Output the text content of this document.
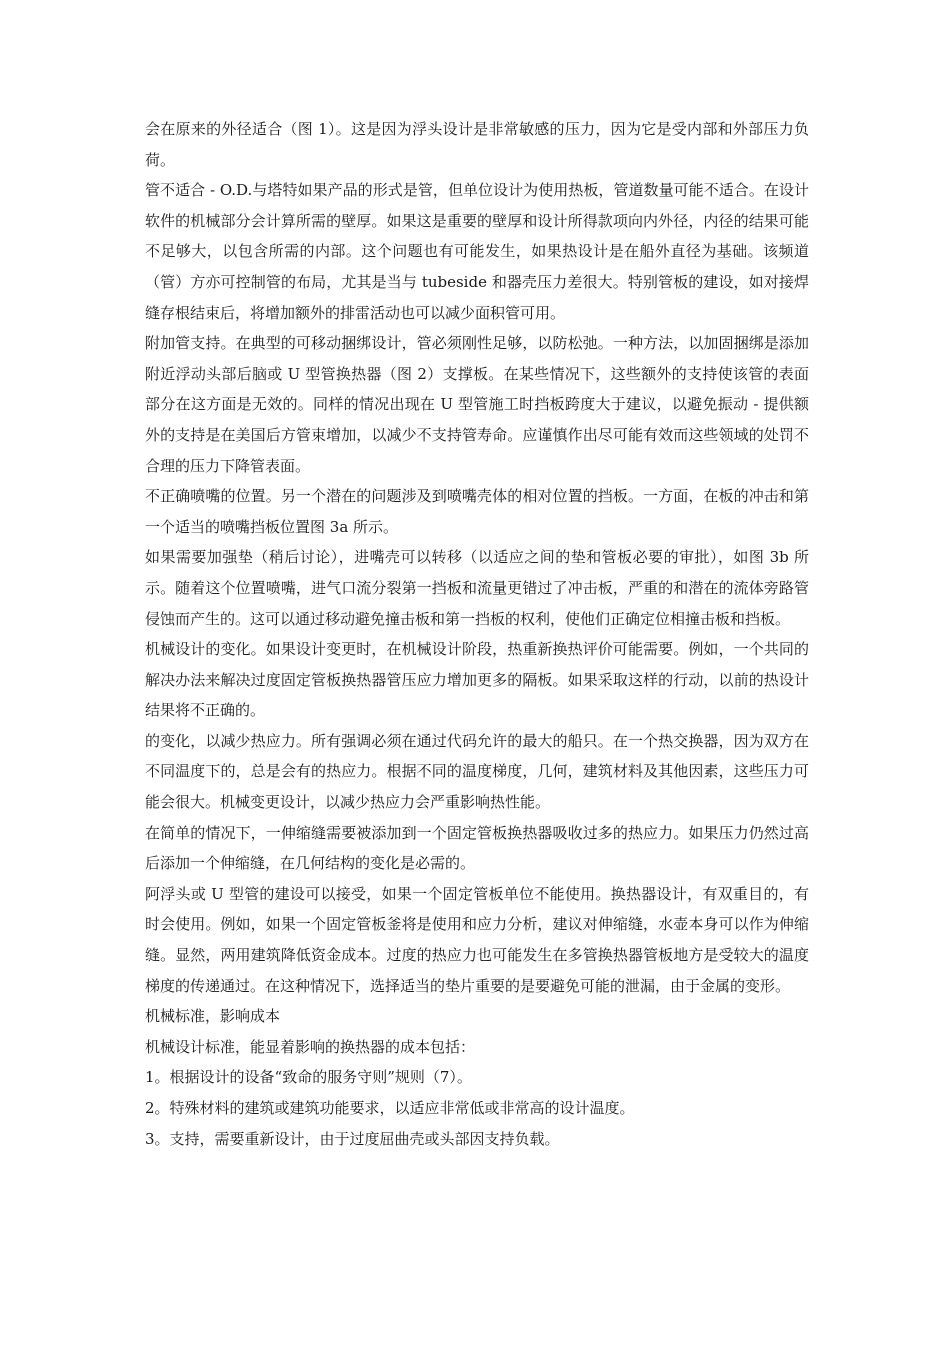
会在原来的外径适合（图 1）。这是因为浮头设计是非常敏感的压力，因为它是受内部和外部压力负荷。

管不适合 - O.D.与塔特如果产品的形式是管，但单位设计为使用热板，管道数量可能不适合。在设计软件的机械部分会计算所需的壁厚。如果这是重要的壁厚和设计所得款项向内外径，内径的结果可能不足够大，以包含所需的内部。这个问题也有可能发生，如果热设计是在船外直径为基础。该频道（管）方亦可控制管的布局，尤其是当与 tubeside 和器壳压力差很大。特别管板的建设，如对接焊缝存根结束后，将增加额外的排雷活动也可以减少面积管可用。

附加管支持。在典型的可移动捆绑设计，管必须刚性足够，以防松弛。一种方法，以加固捆绑是添加附近浮动头部后脑或 U 型管换热器（图 2）支撑板。在某些情况下，这些额外的支持使该管的表面部分在这方面是无效的。同样的情况出现在 U 型管施工时挡板跨度大于建议，以避免振动 - 提供额外的支持是在美国后方管束增加，以减少不支持管寿命。应谨慎作出尽可能有效而这些领域的处罚不合理的压力下降管表面。

不正确喷嘴的位置。另一个潜在的问题涉及到喷嘴壳体的相对位置的挡板。一方面，在板的冲击和第一个适当的喷嘴挡板位置图 3a 所示。

如果需要加强垫（稍后讨论），进嘴壳可以转移（以适应之间的垫和管板必要的审批），如图 3b 所示。随着这个位置喷嘴，进气口流分裂第一挡板和流量更错过了冲击板，严重的和潜在的流体旁路管侵蚀而产生的。这可以通过移动避免撞击板和第一挡板的权利，使他们正确定位相撞击板和挡板。

机械设计的变化。如果设计变更时，在机械设计阶段，热重新换热评价可能需要。例如，一个共同的解决办法来解决过度固定管板换热器管压应力增加更多的隔板。如果采取这样的行动，以前的热设计结果将不正确的。

的变化，以减少热应力。所有强调必须在通过代码允许的最大的船只。在一个热交换器，因为双方在不同温度下的，总是会有的热应力。根据不同的温度梯度，几何，建筑材料及其他因素，这些压力可能会很大。机械变更设计，以减少热应力会严重影响热性能。

在简单的情况下，一伸缩缝需要被添加到一个固定管板换热器吸收过多的热应力。如果压力仍然过高后添加一个伸缩缝，在几何结构的变化是必需的。

阿浮头或 U 型管的建设可以接受，如果一个固定管板单位不能使用。换热器设计，有双重目的，有时会使用。例如，如果一个固定管板釜将是使用和应力分析，建议对伸缩缝，水壶本身可以作为伸缩缝。显然，两用建筑降低资金成本。过度的热应力也可能发生在多管换热器管板地方是受较大的温度梯度的传递通过。在这种情况下，选择适当的垫片重要的是要避免可能的泄漏，由于金属的变形。

机械标准，影响成本

机械设计标准，能显着影响的换热器的成本包括：

1。根据设计的设备“致命的服务守则”规则（7）。

2。特殊材料的建筑或建筑功能要求，以适应非常低或非常高的设计温度。

3。支持，需要重新设计，由于过度屈曲壳或头部因支持负载。
